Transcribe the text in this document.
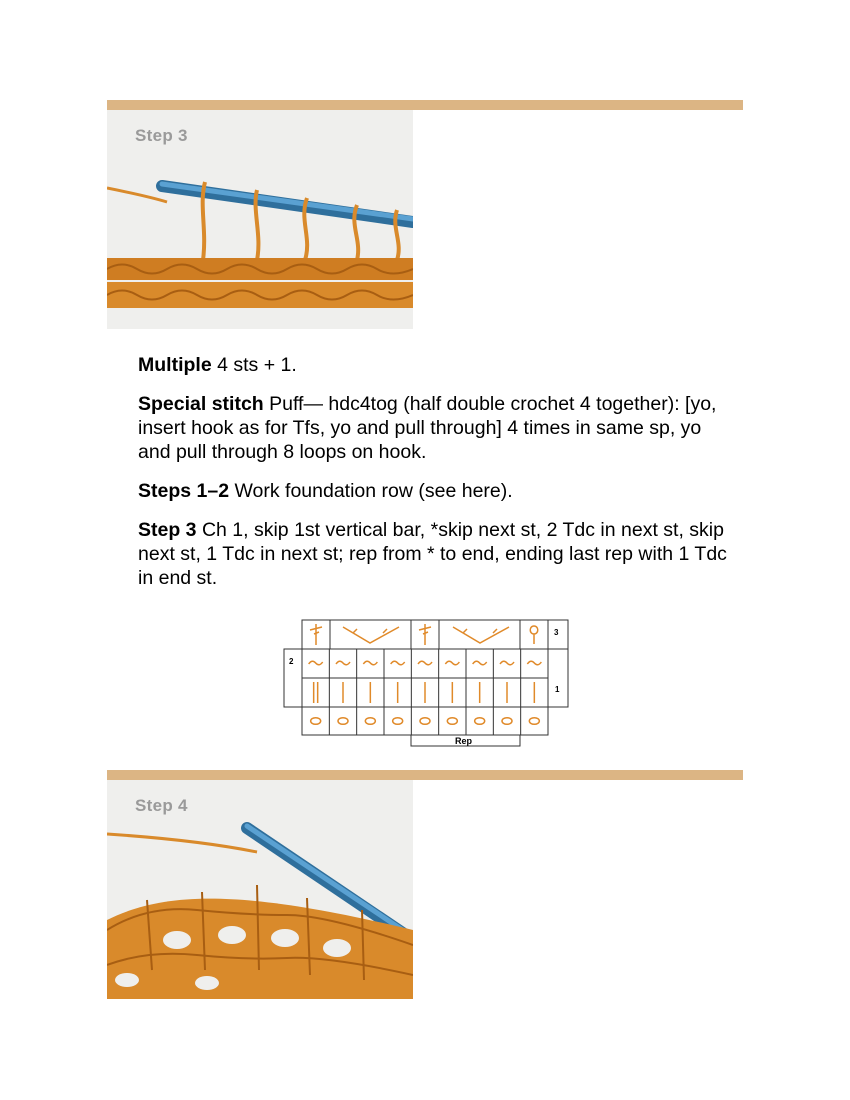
Step 3

Multiple 4 sts + 1.

Special stitch Puff— hdc4tog (half double crochet 4 together): [yo, insert hook as for Tfs, yo and pull through] 4 times in same sp, yo and pull through 8 loops on hook.

Steps 1–2 Work foundation row (see here).

Step 3 Ch 1, skip 1st vertical bar, *skip next st, 2 Tdc in next st, skip next st, 1 Tdc in next st; rep from * to end, ending last rep with 1 Tdc in end st.

3
2
1
Rep
Step 4
